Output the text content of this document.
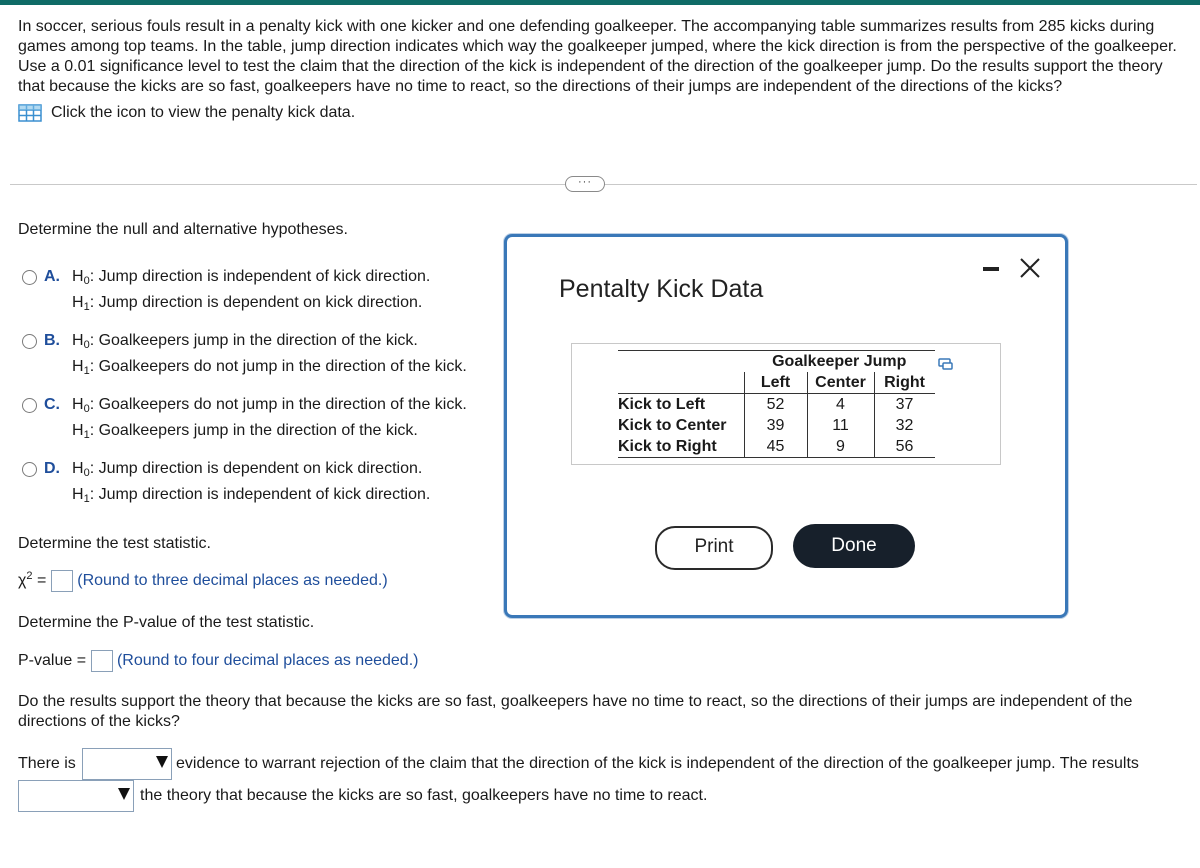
In soccer, serious fouls result in a penalty kick with one kicker and one defending goalkeeper. The accompanying table summarizes results from 285 kicks during games among top teams. In the table, jump direction indicates which way the goalkeeper jumped, where the kick direction is from the perspective of the goalkeeper. Use a 0.01 significance level to test the claim that the direction of the kick is independent of the direction of the goalkeeper jump. Do the results support the theory that because the kicks are so fast, goalkeepers have no time to react, so the directions of their jumps are independent of the directions of the kicks?
Click the icon to view the penalty kick data.
···
Determine the null and alternative hypotheses.
A. $H_0$: Jump direction is independent of kick direction.
$H_1$: Jump direction is dependent on kick direction.
B. $H_0$: Goalkeepers jump in the direction of the kick.
$H_1$: Goalkeepers do not jump in the direction of the kick.
C. $H_0$: Goalkeepers do not jump in the direction of the kick.
$H_1$: Goalkeepers jump in the direction of the kick.
D. $H_0$: Jump direction is dependent on kick direction.
$H_1$: Jump direction is independent of kick direction.
Determine the test statistic.
$\chi^2$ = (Round to three decimal places as needed.)
Determine the P-value of the test statistic.
P-value = (Round to four decimal places as needed.)
Do the results support the theory that because the kicks are so fast, goalkeepers have no time to react, so the directions of their jumps are independent of the directions of the kicks?
There is	evidence to warrant rejection of the claim that the direction of the kick is independent of the direction of the goalkeeper jump. The results
the theory that because the kicks are so fast, goalkeepers have no time to react.
Pentalty Kick Data
	Goalkeeper Jump		
	Left	Center	Right
Kick to Left	52	4	37
Kick to Center	39	11	32
Kick to Right	45	9	56
Print	Done
